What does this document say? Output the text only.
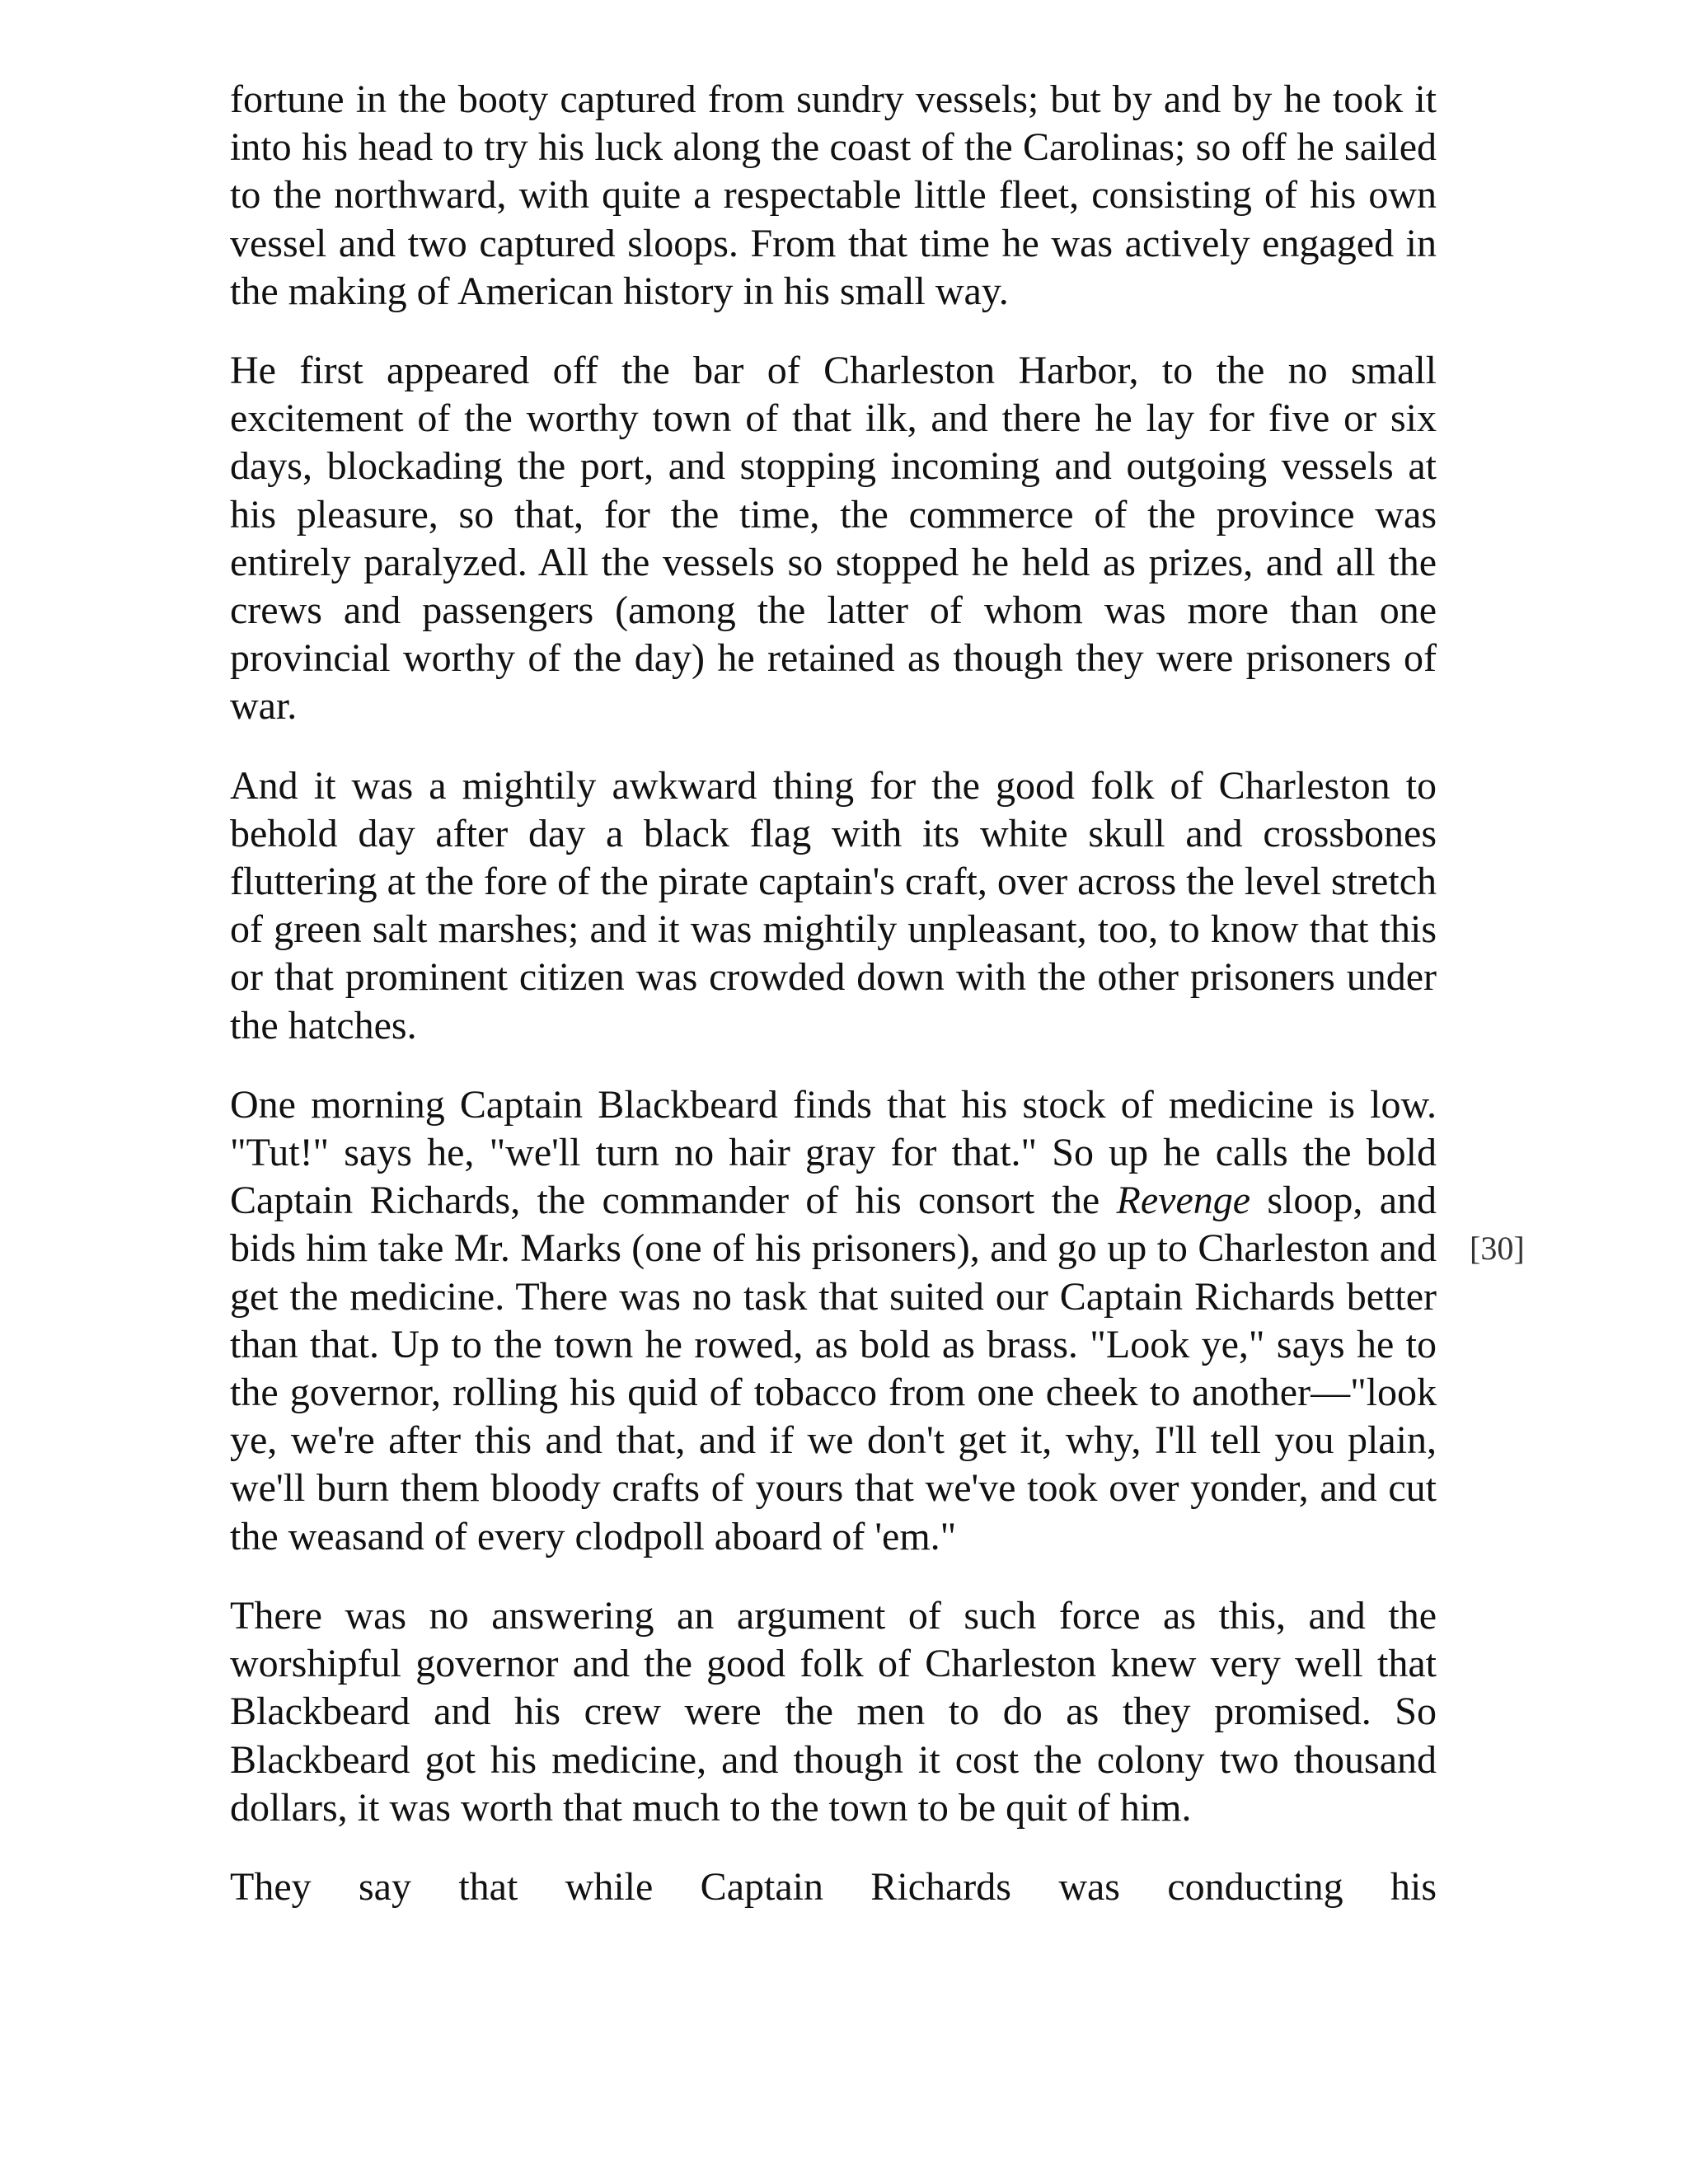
fortune in the booty captured from sundry vessels; but by and by he took it into his head to try his luck along the coast of the Carolinas; so off he sailed to the northward, with quite a respectable little fleet, consisting of his own vessel and two captured sloops. From that time he was actively engaged in the making of American history in his small way.

He first appeared off the bar of Charleston Harbor, to the no small excitement of the worthy town of that ilk, and there he lay for five or six days, blockading the port, and stopping incoming and outgoing vessels at his pleasure, so that, for the time, the commerce of the province was entirely paralyzed. All the vessels so stopped he held as prizes, and all the crews and passengers (among the latter of whom was more than one provincial worthy of the day) he retained as though they were prisoners of war.

And it was a mightily awkward thing for the good folk of Charleston to behold day after day a black flag with its white skull and crossbones fluttering at the fore of the pirate captain's craft, over across the level stretch of green salt marshes; and it was mightily unpleasant, too, to know that this or that prominent citizen was crowded down with the other prisoners under the hatches.

One morning Captain Blackbeard finds that his stock of medicine is low. "Tut!" says he, "we'll turn no hair gray for that." So up he calls the bold Captain Richards, the commander of his consort the Revenge sloop, and bids him take Mr. Marks (one of his prisoners), and go up to Charleston and get the medicine. There was no task that suited our Captain Richards better than that. Up to the town he rowed, as bold as brass. "Look ye," says he to the governor, rolling his quid of tobacco from one cheek to another—"look ye, we're after this and that, and if we don't get it, why, I'll tell you plain, we'll burn them bloody crafts of yours that we've took over yonder, and cut the weasand of every clodpoll aboard of 'em."
[30]

There was no answering an argument of such force as this, and the worshipful governor and the good folk of Charleston knew very well that Blackbeard and his crew were the men to do as they promised. So Blackbeard got his medicine, and though it cost the colony two thousand dollars, it was worth that much to the town to be quit of him.

They say that while Captain Richards was conducting his
